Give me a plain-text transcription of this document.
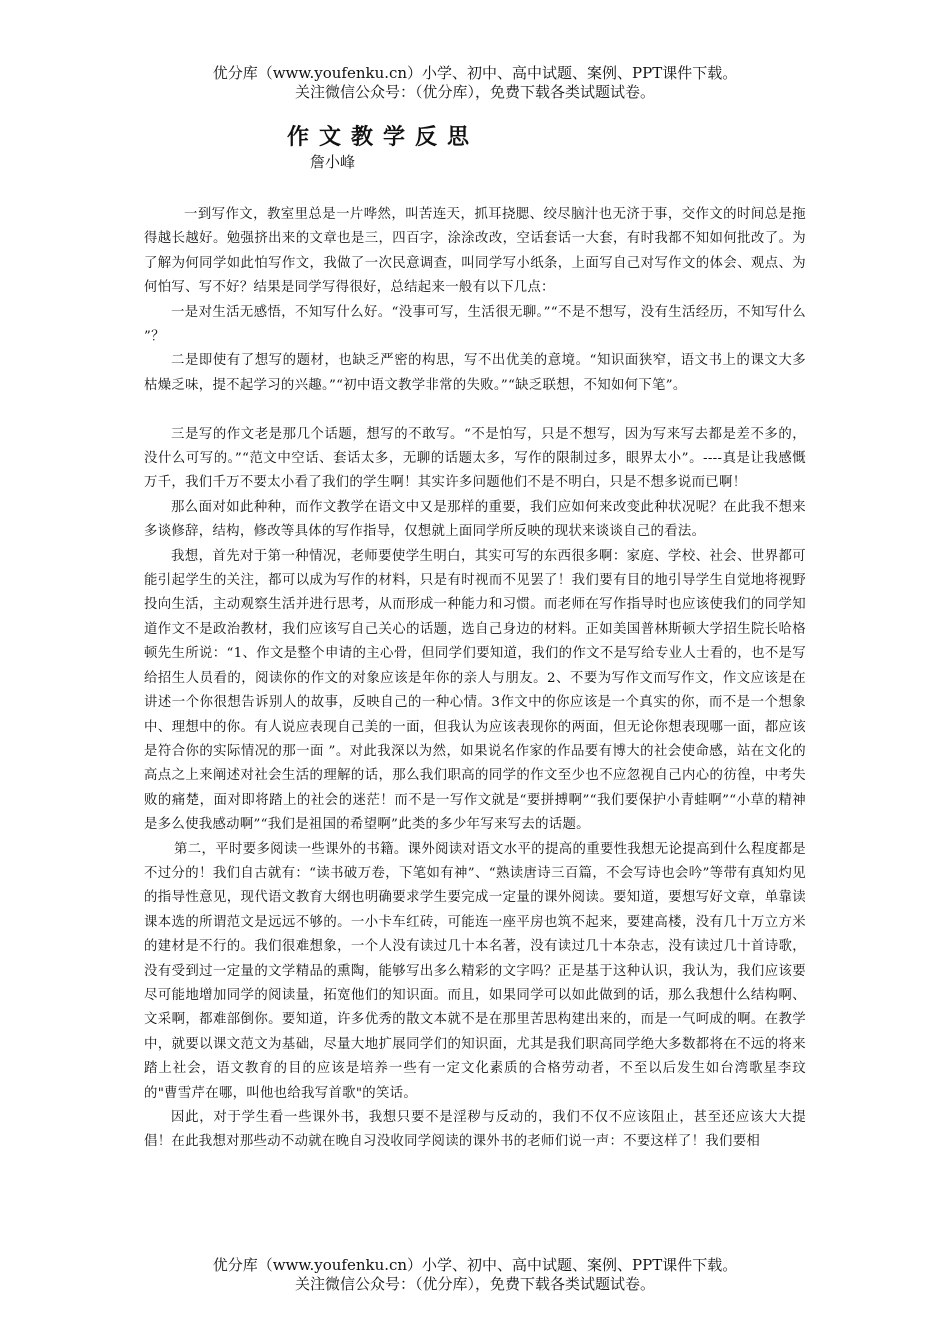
优分库（www.youfenku.cn）小学、初中、高中试题、案例、PPT课件下载。
关注微信公众号：（优分库），免费下载各类试题试卷。
作文教学反思
詹小峰

一到写作文，教室里总是一片哗然，叫苦连天，抓耳挠腮、绞尽脑汁也无济于事，交作文的时间总是拖得越长越好。勉强挤出来的文章也是三，四百字，涂涂改改，空话套话一大套，有时我都不知如何批改了。为了解为何同学如此怕写作文，我做了一次民意调查，叫同学写小纸条，上面写自己对写作文的体会、观点、为何怕写、写不好？结果是同学写得很好，总结起来一般有以下几点：

一是对生活无感悟，不知写什么好。“没事可写，生活很无聊。”“不是不想写，没有生活经历，不知写什么 ”？

二是即使有了想写的题材，也缺乏严密的构思，写不出优美的意境。“知识面狭窄，语文书上的课文大多枯燥乏味，提不起学习的兴趣。”“初中语文教学非常的失败。”“缺乏联想，不知如何下笔”。

三是写的作文老是那几个话题，想写的不敢写。“不是怕写，只是不想写，因为写来写去都是差不多的，没什么可写的。”“范文中空话、套话太多，无聊的话题太多，写作的限制过多，眼界太小”。----真是让我感慨万千，我们千万不要太小看了我们的学生啊！其实许多问题他们不是不明白，只是不想多说而已啊！

那么面对如此种种，而作文教学在语文中又是那样的重要，我们应如何来改变此种状况呢？在此我不想来多谈修辞，结构，修改等具体的写作指导，仅想就上面同学所反映的现状来谈谈自己的看法。

我想，首先对于第一种情况，老师要使学生明白，其实可写的东西很多啊：家庭、学校、社会、世界都可能引起学生的关注，都可以成为写作的材料，只是有时视而不见罢了！我们要有目的地引导学生自觉地将视野投向生活，主动观察生活并进行思考，从而形成一种能力和习惯。而老师在写作指导时也应该使我们的同学知道作文不是政治教材，我们应该写自己关心的话题，选自己身边的材料。正如美国普林斯顿大学招生院长哈格顿先生所说：“1、作文是整个申请的主心骨，但同学们要知道，我们的作文不是写给专业人士看的，也不是写给招生人员看的，阅读你的作文的对象应该是年你的亲人与朋友。2、不要为写作文而写作文，作文应该是在讲述一个你很想告诉别人的故事，反映自己的一种心情。3作文中的你应该是一个真实的你，而不是一个想象中、理想中的你。有人说应表现自己美的一面，但我认为应该表现你的两面，但无论你想表现哪一面，都应该是符合你的实际情况的那一面 ”。对此我深以为然，如果说名作家的作品要有博大的社会使命感，站在文化的高点之上来阐述对社会生活的理解的话，那么我们职高的同学的作文至少也不应忽视自己内心的彷徨，中考失败的痛楚，面对即将踏上的社会的迷茫！而不是一写作文就是“要拼搏啊”“我们要保护小青蛙啊”“小草的精神是多么使我感动啊”“我们是祖国的希望啊”此类的多少年写来写去的话题。

第二，平时要多阅读一些课外的书籍。课外阅读对语文水平的提高的重要性我想无论提高到什么程度都是不过分的！我们自古就有：“读书破万卷，下笔如有神”、“熟读唐诗三百篇，不会写诗也会吟”等带有真知灼见的指导性意见，现代语文教育大纲也明确要求学生要完成一定量的课外阅读。要知道，要想写好文章，单靠读课本选的所谓范文是远远不够的。一小卡车红砖，可能连一座平房也筑不起来，要建高楼，没有几十万立方米的建材是不行的。我们很难想象，一个人没有读过几十本名著，没有读过几十本杂志，没有读过几十首诗歌，没有受到过一定量的文学精品的熏陶，能够写出多么精彩的文字吗？正是基于这种认识，我认为，我们应该要尽可能地增加同学的阅读量，拓宽他们的知识面。而且，如果同学可以如此做到的话，那么我想什么结构啊、文采啊，都难部倒你。要知道，许多优秀的散文本就不是在那里苦思构建出来的，而是一气呵成的啊。在教学中，就要以课文范文为基础，尽量大地扩展同学们的知识面，尤其是我们职高同学绝大多数都将在不远的将来踏上社会，语文教育的目的应该是培养一些有一定文化素质的合格劳动者，不至以后发生如台湾歌星李玟的"曹雪芹在哪，叫他也给我写首歌"的笑话。

因此，对于学生看一些课外书，我想只要不是淫秽与反动的，我们不仅不应该阻止，甚至还应该大大提倡！在此我想对那些动不动就在晚自习没收同学阅读的课外书的老师们说一声：不要这样了！我们要相

优分库（www.youfenku.cn）小学、初中、高中试题、案例、PPT课件下载。
关注微信公众号：（优分库），免费下载各类试题试卷。
